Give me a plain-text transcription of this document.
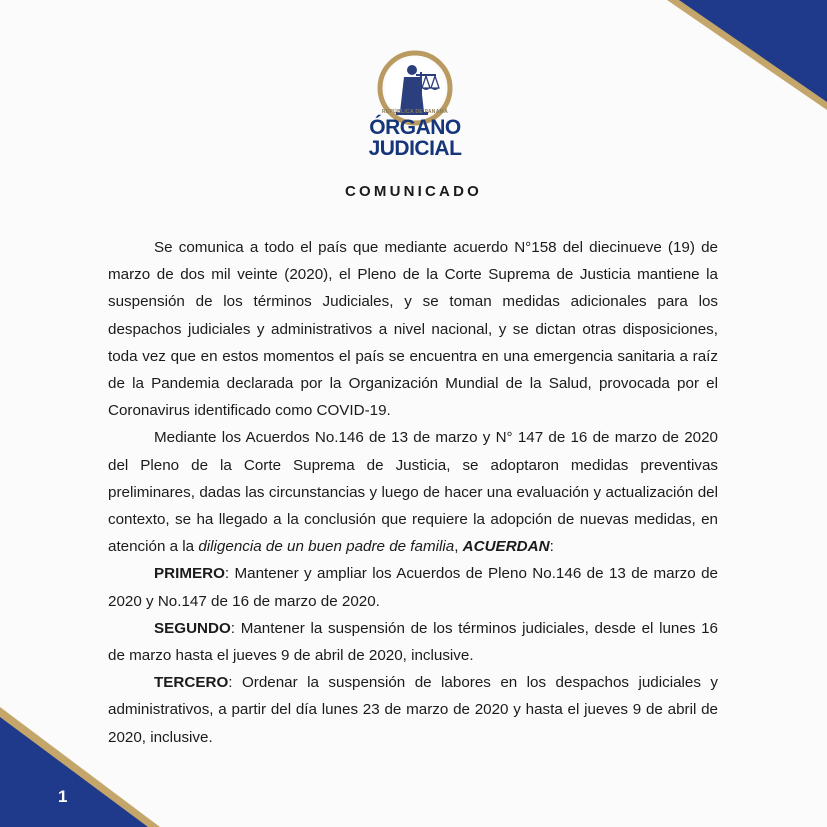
1
REPÚBLICA DE PANAMÁ
ÓRGANO
JUDICIAL
COMUNICADO

Se comunica a todo el país que mediante acuerdo N°158 del diecinueve (19) de marzo de dos mil veinte (2020), el Pleno de la Corte Suprema de Justicia mantiene la suspensión de los términos Judiciales, y se toman medidas adicionales para los despachos judiciales y administrativos a nivel nacional, y se dictan otras disposiciones, toda vez que en estos momentos el país se encuentra en una emergencia sanitaria a raíz de la Pandemia declarada por la Organización Mundial de la Salud, provocada por el Coronavirus identificado como COVID-19.

Mediante los Acuerdos No.146 de 13 de marzo y N° 147 de 16 de marzo de 2020 del Pleno de la Corte Suprema de Justicia, se adoptaron medidas preventivas preliminares, dadas las circunstancias y luego de hacer una evaluación y actualización del contexto, se ha llegado a la conclusión que requiere la adopción de nuevas medidas, en atención a la diligencia de un buen padre de familia, ACUERDAN:

PRIMERO: Mantener y ampliar los Acuerdos de Pleno No.146 de 13 de marzo de 2020 y No.147 de 16 de marzo de 2020.

SEGUNDO: Mantener la suspensión de los términos judiciales, desde el lunes 16 de marzo hasta el jueves 9 de abril de 2020, inclusive.

TERCERO: Ordenar la suspensión de labores en los despachos judiciales y administrativos, a partir del día lunes 23 de marzo de 2020 y hasta el jueves 9 de abril de 2020, inclusive.
